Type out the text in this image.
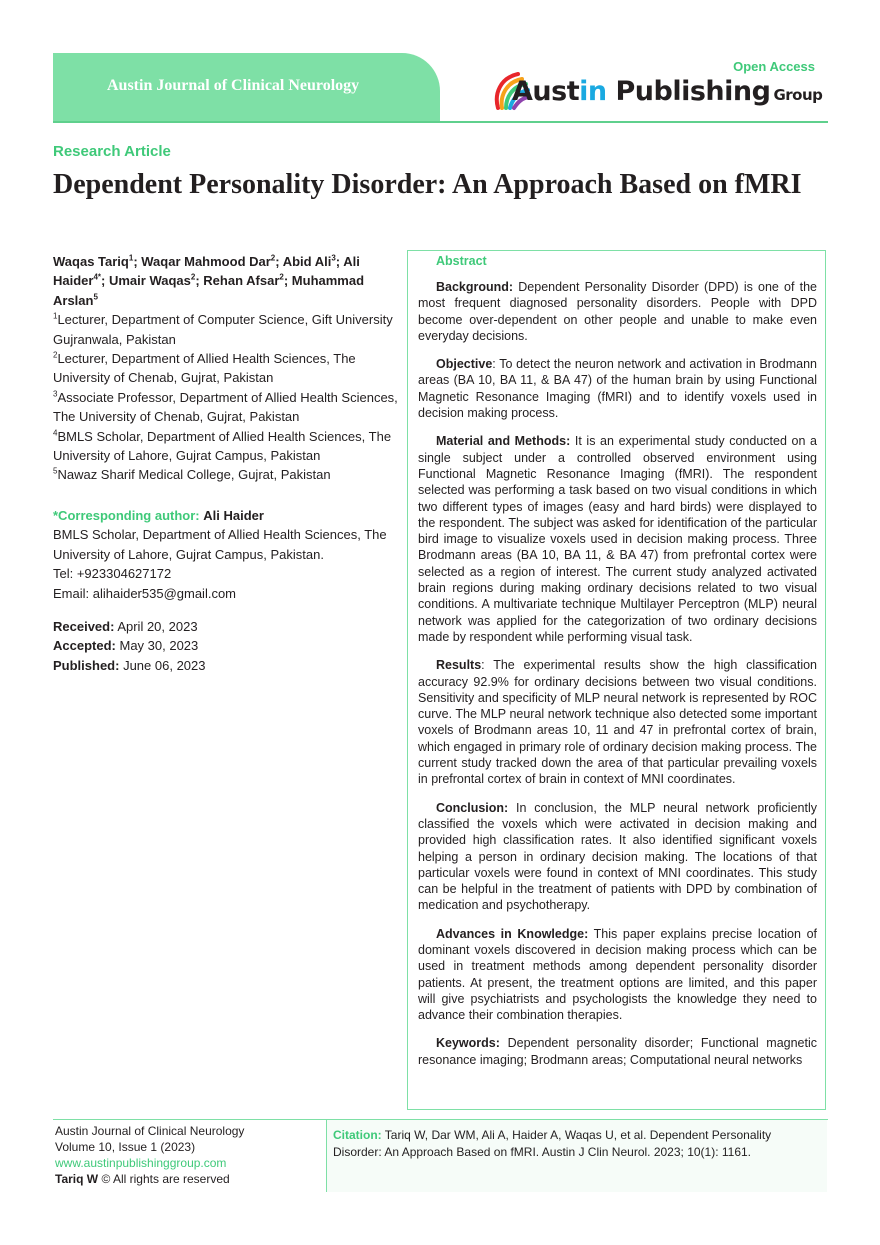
Austin Journal of Clinical Neurology
Open Access
Austin Publishing Group
Research Article
Dependent Personality Disorder: An Approach Based on fMRI
Waqas Tariq$^1$; Waqar Mahmood Dar$^2$; Abid Ali$^3$; Ali Haider$^{4*}$; Umair Waqas$^2$; Rehan Afsar$^2$; Muhammad Arslan$^5$
$^1$Lecturer, Department of Computer Science, Gift University Gujranwala, Pakistan
$^2$Lecturer, Department of Allied Health Sciences, The University of Chenab, Gujrat, Pakistan
$^3$Associate Professor, Department of Allied Health Sciences, The University of Chenab, Gujrat, Pakistan
$^4$BMLS Scholar, Department of Allied Health Sciences, The University of Lahore, Gujrat Campus, Pakistan
$^5$Nawaz Sharif Medical College, Gujrat, Pakistan
*Corresponding author: Ali Haider
BMLS Scholar, Department of Allied Health Sciences, The University of Lahore, Gujrat Campus, Pakistan.
Tel: +923304627172
Email: alihaider535@gmail.com
Received: April 20, 2023
Accepted: May 30, 2023
Published: June 06, 2023
Abstract

Background: Dependent Personality Disorder (DPD) is one of the most frequent diagnosed personality disorders. People with DPD become over-dependent on other people and unable to make even everyday decisions.

Objective: To detect the neuron network and activation in Brodmann areas (BA 10, BA 11, & BA 47) of the human brain by using Functional Magnetic Resonance Imaging (fMRI) and to identify voxels used in decision making process.

Material and Methods: It is an experimental study conducted on a single subject under a controlled observed environment using Functional Magnetic Resonance Imaging (fMRI). The respondent selected was performing a task based on two visual conditions in which two different types of images (easy and hard birds) were displayed to the respondent. The subject was asked for identification of the particular bird image to visualize voxels used in decision making process. Three Brodmann areas (BA 10, BA 11, & BA 47) from prefrontal cortex were selected as a region of interest. The current study analyzed activated brain regions during making ordinary decisions related to two visual conditions. A multivariate technique Multilayer Perceptron (MLP) neural network was applied for the categorization of two ordinary decisions made by respondent while performing visual task.

Results: The experimental results show the high classification accuracy 92.9% for ordinary decisions between two visual conditions. Sensitivity and specificity of MLP neural network is represented by ROC curve. The MLP neural network technique also detected some important voxels of Brodmann areas 10, 11 and 47 in prefrontal cortex of brain, which engaged in primary role of ordinary decision making process. The current study tracked down the area of that particular prevailing voxels in prefrontal cortex of brain in context of MNI coordinates.

Conclusion: In conclusion, the MLP neural network proficiently classified the voxels which were activated in decision making and provided high classification rates. It also identified significant voxels helping a person in ordinary decision making. The locations of that particular voxels were found in context of MNI coordinates. This study can be helpful in the treatment of patients with DPD by combination of medication and psychotherapy.

Advances in Knowledge: This paper explains precise location of dominant voxels discovered in decision making process which can be used in treatment methods among dependent personality disorder patients. At present, the treatment options are limited, and this paper will give psychiatrists and psychologists the knowledge they need to advance their combination therapies.

Keywords: Dependent personality disorder; Functional magnetic resonance imaging; Brodmann areas; Computational neural networks

Austin Journal of Clinical Neurology
Volume 10, Issue 1 (2023)
www.austinpublishinggroup.com
Tariq W © All rights are reserved
Citation: Tariq W, Dar WM, Ali A, Haider A, Waqas U, et al. Dependent Personality Disorder: An Approach Based on fMRI. Austin J Clin Neurol. 2023; 10(1): 1161.
